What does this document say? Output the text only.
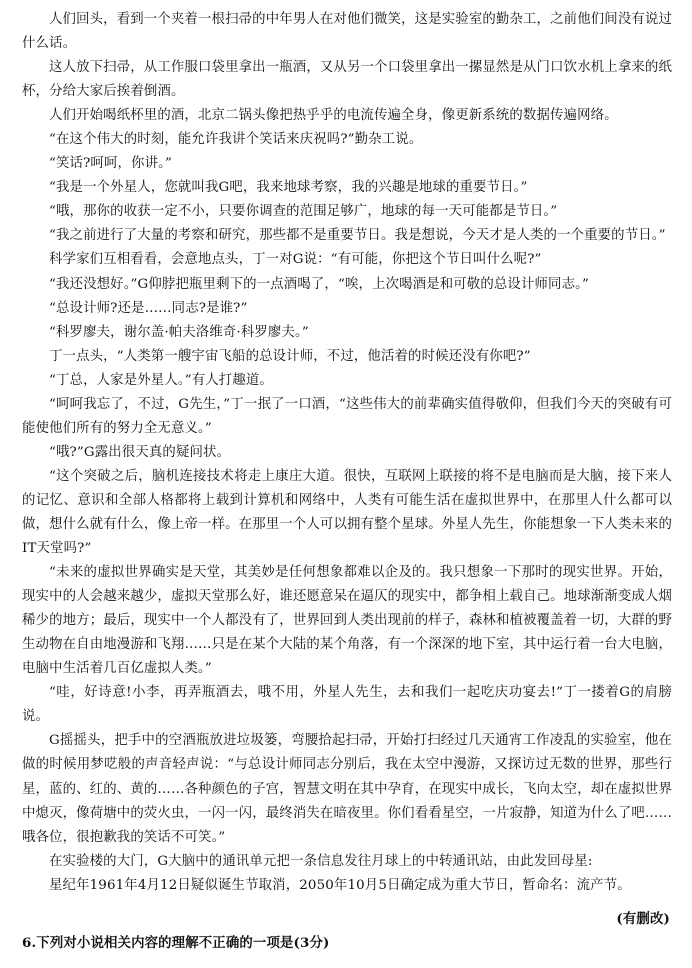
人们回头，看到一个夹着一根扫帚的中年男人在对他们微笑，这是实验室的勤杂工，之前他们间没有说过什么话。

这人放下扫帚，从工作服口袋里拿出一瓶酒，又从另一个口袋里拿出一摞显然是从门口饮水机上拿来的纸杯，分给大家后挨着倒酒。

人们开始喝纸杯里的酒，北京二锅头像把热乎乎的电流传遍全身，像更新系统的数据传遍网络。

“在这个伟大的时刻，能允许我讲个笑话来庆祝吗?”勤杂工说。

“笑话?呵呵，你讲。”

“我是一个外星人，您就叫我G吧，我来地球考察，我的兴趣是地球的重要节日。”

“哦，那你的收获一定不小，只要你调查的范围足够广，地球的每一天可能都是节日。”

“我之前进行了大量的考察和研究，那些都不是重要节日。我是想说，今天才是人类的一个重要的节日。”

科学家们互相看看，会意地点头，丁一对G说：“有可能，你把这个节日叫什么呢?”

“我还没想好。”G仰脖把瓶里剩下的一点酒喝了，“唉，上次喝酒是和可敬的总设计师同志。”

“总设计师?还是……同志?是谁?”

“科罗廖夫，谢尔盖·帕夫洛维奇·科罗廖夫。”

丁一点头，“人类第一艘宇宙飞船的总设计师，不过，他活着的时候还没有你吧?”

“丁总，人家是外星人。”有人打趣道。

“呵呵我忘了，不过，G先生，”丁一抿了一口酒，“这些伟大的前辈确实值得敬仰，但我们今天的突破有可能使他们所有的努力全无意义。”

“哦?”G露出很天真的疑问状。

“这个突破之后，脑机连接技术将走上康庄大道。很快，互联网上联接的将不是电脑而是大脑，接下来人的记忆、意识和全部人格都将上载到计算机和网络中，人类有可能生活在虚拟世界中，在那里人什么都可以做，想什么就有什么，像上帝一样。在那里一个人可以拥有整个星球。外星人先生，你能想象一下人类未来的IT天堂吗?”

“未来的虚拟世界确实是天堂，其美妙是任何想象都难以企及的。我只想象一下那时的现实世界。开始，现实中的人会越来越少，虚拟天堂那么好，谁还愿意呆在逼仄的现实中，都争相上载自己。地球渐渐变成人烟稀少的地方；最后，现实中一个人都没有了，世界回到人类出现前的样子，森林和植被覆盖着一切，大群的野生动物在自由地漫游和飞翔……只是在某个大陆的某个角落，有一个深深的地下室，其中运行着一台大电脑，电脑中生活着几百亿虚拟人类。”

“哇，好诗意!小李，再弄瓶酒去，哦不用，外星人先生，去和我们一起吃庆功宴去!”丁一搂着G的肩膀说。

G摇摇头，把手中的空酒瓶放进垃圾篓，弯腰拾起扫帚，开始打扫经过几天通宵工作凌乱的实验室，他在做的时候用梦呓般的声音轻声说：“与总设计师同志分别后，我在太空中漫游，又探访过无数的世界，那些行星，蓝的、红的、黄的……各种颜色的子宫，智慧文明在其中孕育，在现实中成长，飞向太空，却在虚拟世界中熄灭，像荷塘中的荧火虫，一闪一闪，最终消失在暗夜里。你们看看星空，一片寂静，知道为什么了吧……哦各位，很抱歉我的笑话不可笑。”

在实验楼的大门，G大脑中的通讯单元把一条信息发往月球上的中转通讯站，由此发回母星:

星纪年1961年4月12日疑似诞生节取消，2050年10月5日确定成为重大节日，暂命名：流产节。

(有删改)

6.下列对小说相关内容的理解不正确的一项是(3分)
